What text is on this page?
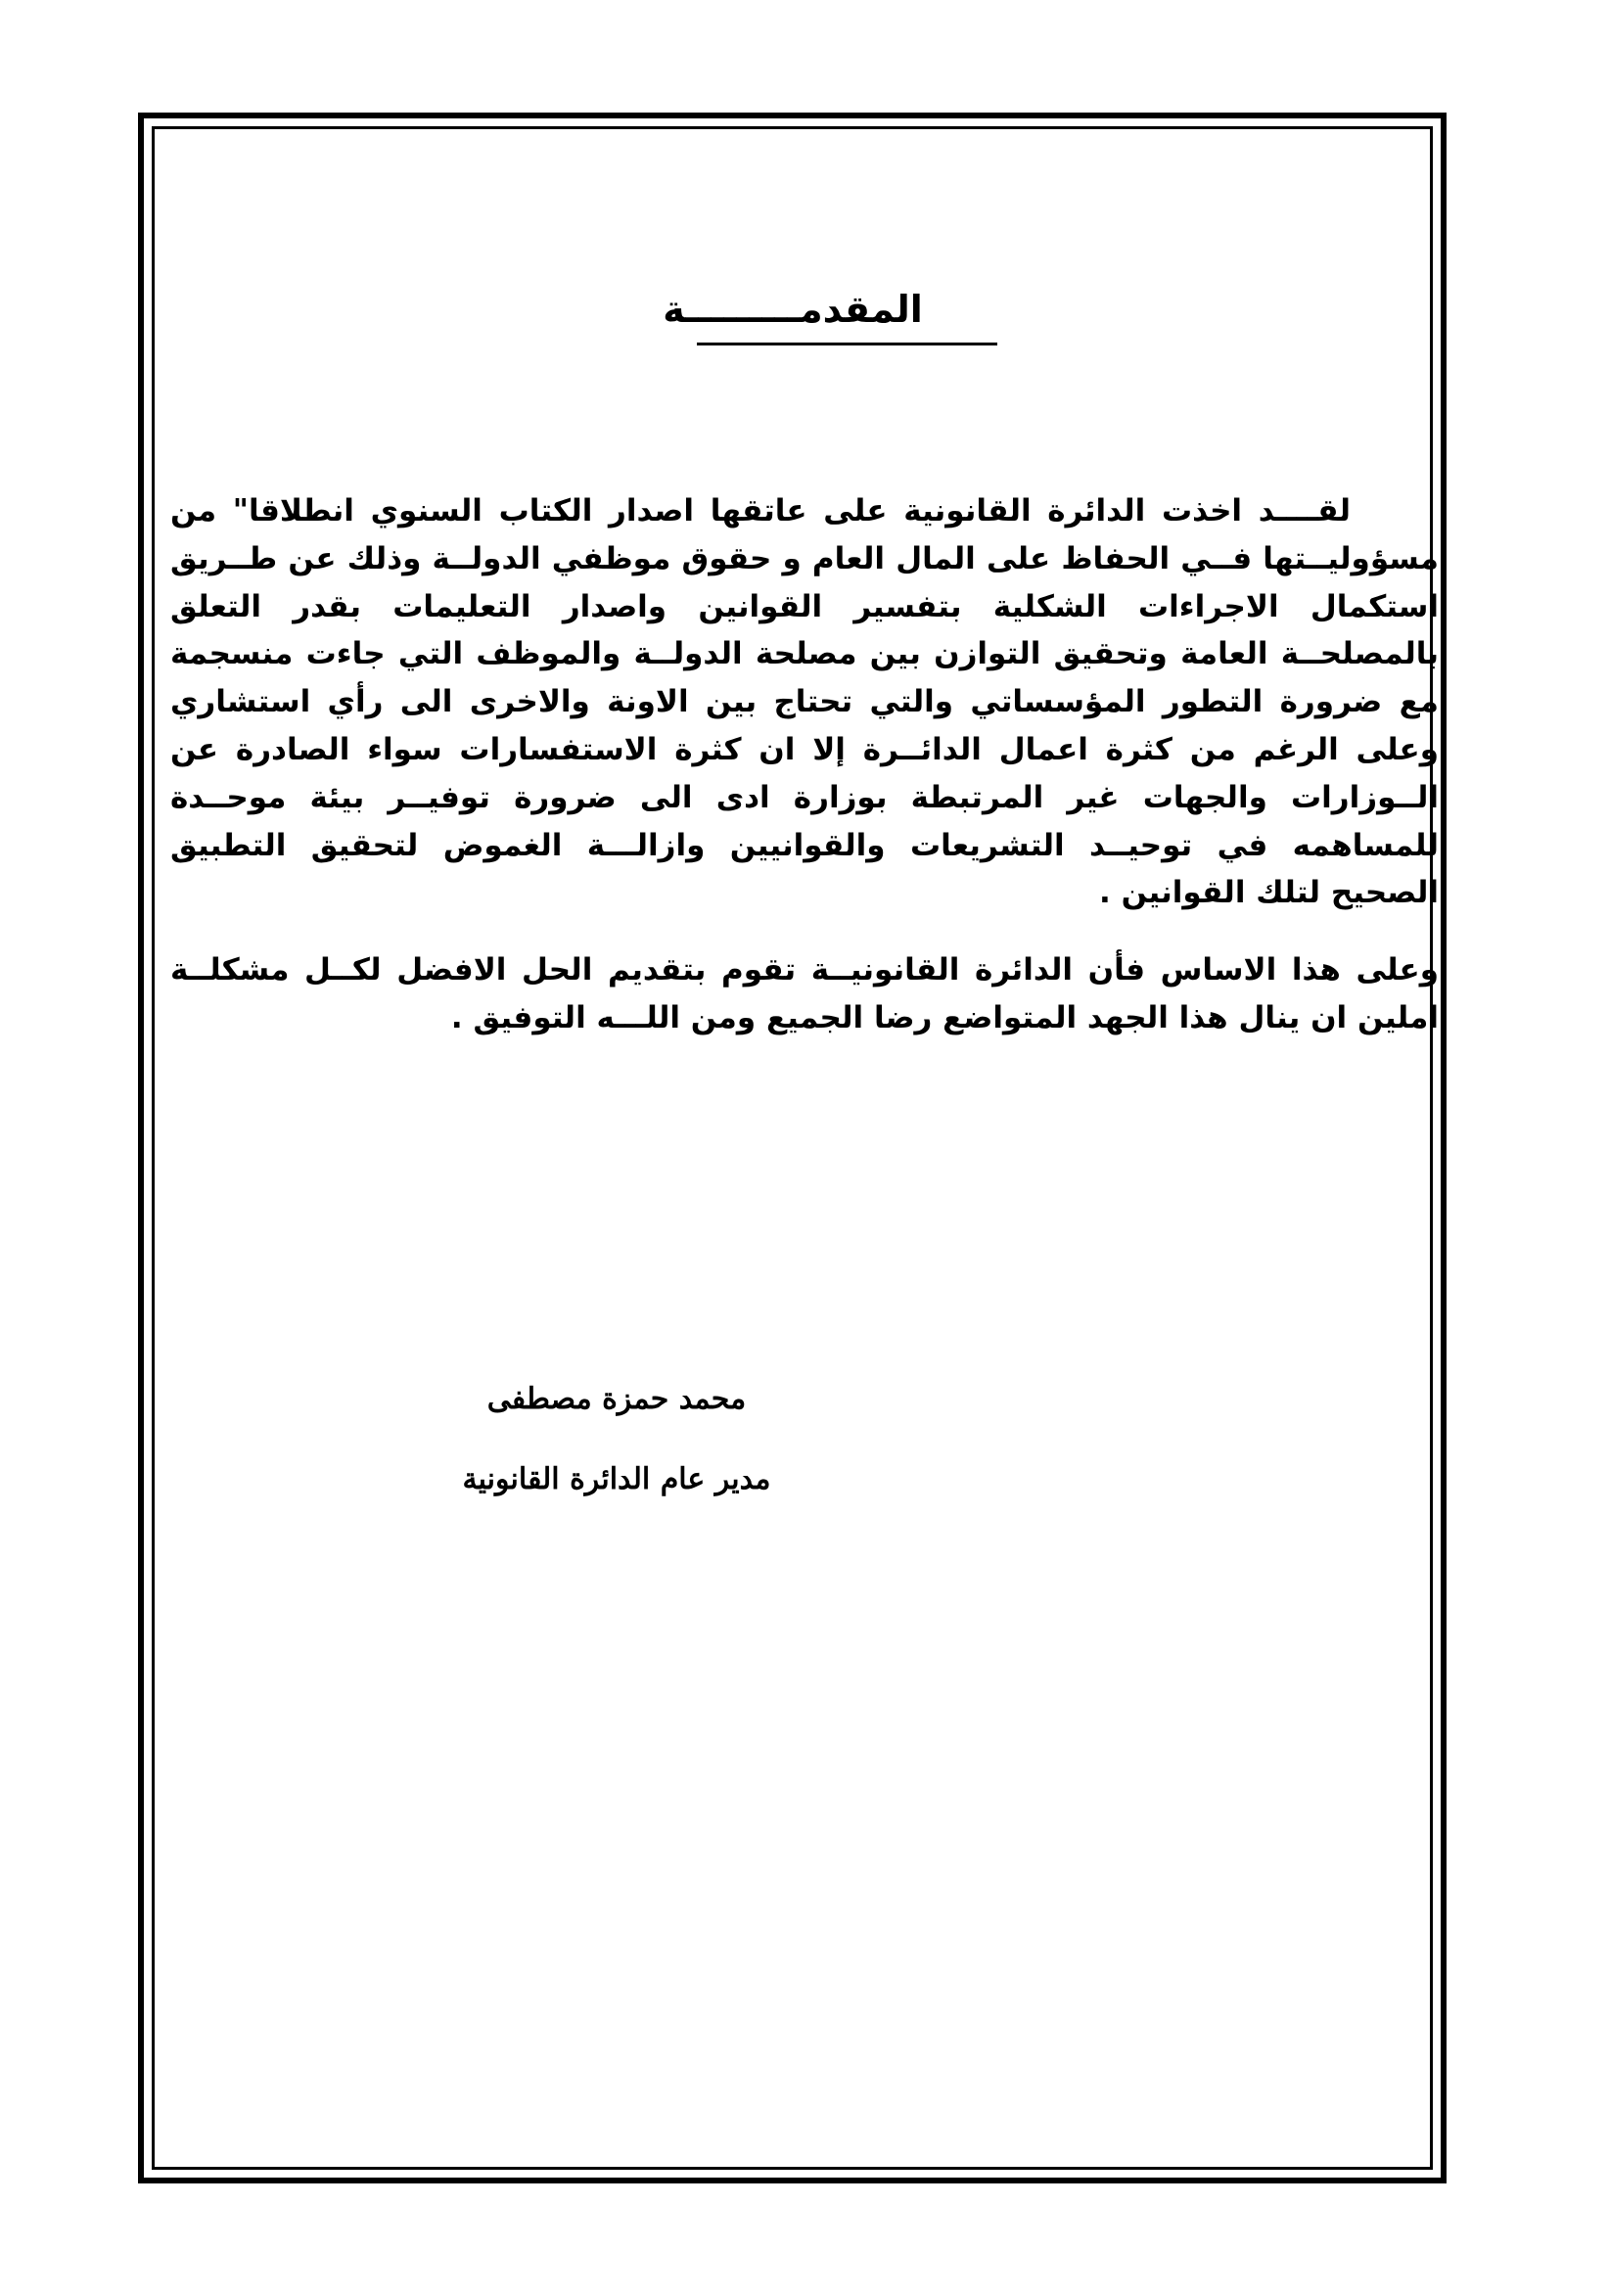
المقدمـــــــــة

لقــــد اخذت الدائرة القانونية على عاتقها اصدار الكتاب السنوي انطلاقا" من مسؤوليــتها فــي الحفاظ على المال العام و حقوق موظفي الدولــة وذلك عن طــريق استكمال الاجراءات الشكلية بتفسير القوانين واصدار التعليمات بقدر التعلق بالمصلحــة العامة وتحقيق التوازن بين مصلحة الدولــة والموظف التي جاءت منسجمة مع ضرورة التطور المؤسساتي والتي تحتاج بين الاونة والاخرى الى رأي استشاري وعلى الرغم من كثرة اعمال الدائــرة إلا ان كثرة الاستفسارات سواء الصادرة عن الــوزارات والجهات غير المرتبطة بوزارة ادى الى ضرورة توفيــر بيئة موحــدة للمساهمه في توحيــد التشريعات والقوانيين وازالـــة الغموض لتحقيق التطبيق الصحيح لتلك القوانين .

وعلى هذا الاساس فأن الدائرة القانونيــة تقوم بتقديم الحل الافضل لكــل مشكلــة املين ان ينال هذا الجهد المتواضع رضا الجميع ومن اللـــه التوفيق .

محمد حمزة مصطفى

مدير عام الدائرة القانونية
